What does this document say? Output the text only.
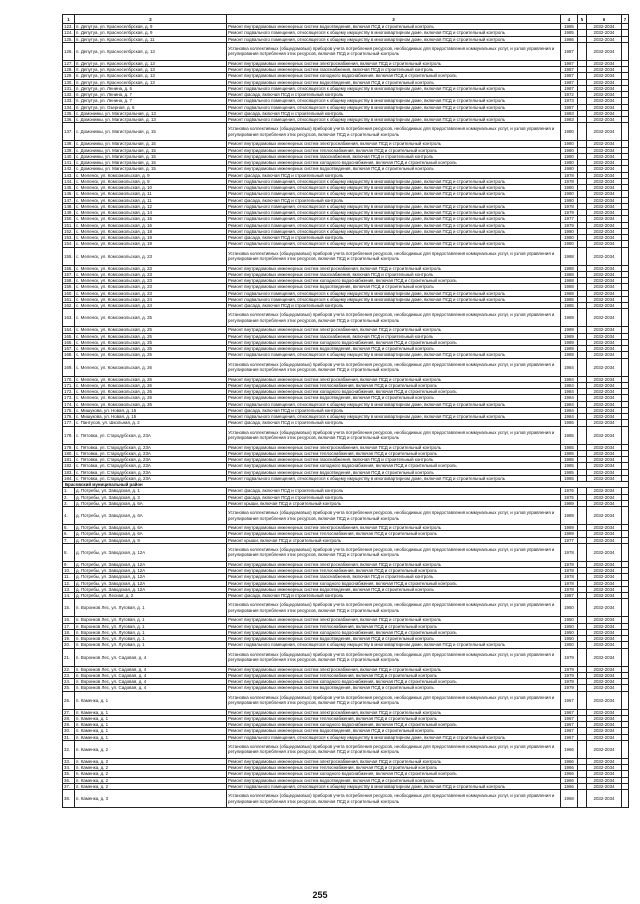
1	2	3	4	5	6	7
123.	п. Депутуа, ул. Красноселбрская, д. 9	Ремонт внутридомовых инженерных систем водоотведения, включая ПСД и строительный контроль	1985		2032-2034	
124.	п. Депутуа, ул. Красноселбрская, д. 9	Ремонт подвального помещения, относящегося к общему имуществу в многоквартирном доме, включая ПСД и строительный контроль	1985		2032-2034	
125.	п. Депутуа, ул. Красноселбрская, д. 11	Ремонт подвального помещения, относящегося к общему имуществу в многоквартирном доме, включая ПСД и строительный контроль	1986		2032-2034	
126.	п. Депутуа, ул. Красноселбрская, д. 13	Установка коллективных (общедомовых) приборов учета потребления ресурсов, необходимых для предоставления коммунальных услуг, и узлов управления и регулирования потребления этих ресурсов, включая ПСД и строительный контроль	1987		2032-2034	
127.	п. Депутуа, ул. Красноселбрская, д. 13	Ремонт внутридомовых инженерных систем электроснабжения, включая ПСД и строительный контроль	1987		2032-2034	
128.	п. Депутуа, ул. Красноселбрская, д. 13	Ремонт внутридомовых инженерных систем газоснабжения, включая ПСД и строительный контроль	1987		2032-2034	
129.	п. Депутуа, ул. Красноселбрская, д. 13	Ремонт внутридомовых инженерных систем холодного водоснабжения, включая ПСД и строительный контроль	1987		2032-2034	
130.	п. Депутуа, ул. Красноселбрская, д. 13	Ремонт внутридомовых инженерных систем водоотведения, включая ПСД и строительный контроль	1987		2032-2034	
131.	п. Депутуа, ул. Ленина, д. 6	Ремонт подвального помещения, относящегося к общему имуществу в многоквартирном доме, включая ПСД и строительный контроль	1987		2032-2034	
132.	п. Депутуа, ул. Ленина, д. 7	Ремонт фасада, включая ПСД и строительный контроль	1972		2032-2034	
133.	п. Депутуа, ул. Ленина, д. 7	Ремонт подвального помещения, относящегося к общему имуществу в многоквартирном доме, включая ПСД и строительный контроль	1973		2032-2034	
134.	п. Депутуа, ул. Озерная, д. 6	Ремонт подвального помещения, относящегося к общему имуществу в многоквартирном доме, включая ПСД и строительный контроль	1987		2032-2034	
135.	с. Домонимы, ул. Магистральная, д. 13	Ремонт фасада, включая ПСД и строительный контроль	1983		2032-2034	
136.	с. Домонимы, ул. Магистральная, д. 13	Ремонт подвального помещения, относящегося к общему имуществу в многоквартирном доме, включая ПСД и строительный контроль	1983		2032-2034	
137.	с. Домонимы, ул. Магистральная, д. 15	Установка коллективных (общедомовых) приборов учета потребления ресурсов, необходимых для предоставления коммунальных услуг, и узлов управления и регулирования потребления этих ресурсов, включая ПСД и строительный контроль	1980		2032-2034	
138.	с. Домонимы, ул. Магистральная, д. 15	Ремонт внутридомовых инженерных систем электроснабжения, включая ПСД и строительный контроль	1980		2032-2034	
139.	с. Домонимы, ул. Магистральная, д. 15	Ремонт внутридомовых инженерных систем теплоснабжения, включая ПСД и строительный контроль	1980		2032-2034	
140.	с. Домонимы, ул. Магистральная, д. 15	Ремонт внутридомовых инженерных систем газоснабжения, включая ПСД и строительный контроль	1980		2032-2034	
141.	с. Домонимы, ул. Магистральная, д. 15	Ремонт внутридомовых инженерных систем холодного водоснабжения, включая ПСД и строительный контроль	1980		2032-2034	
142.	с. Домонимы, ул. Магистральная, д. 15	Ремонт внутридомовых инженерных систем водоотведения, включая ПСД и строительный контроль	1980		2032-2034	
143.	с. Меленск, ул. Комсомольская, д. 9	Ремонт фасада, включая ПСД и строительный контроль	1978		2032-2034	
144.	с. Меленск, ул. Комсомольская, д. 9	Ремонт подвального помещения, относящегося к общему имуществу в многоквартирном доме, включая ПСД и строительный контроль	1978		2032-2034	
145.	с. Меленск, ул. Комсомольская, д. 10	Ремонт подвального помещения, относящегося к общему имуществу в многоквартирном доме, включая ПСД и строительный контроль	1980		2032-2034	
146.	с. Меленск, ул. Комсомольская, д. 11	Ремонт подвального помещения, относящегося к общему имуществу в многоквартирном доме, включая ПСД и строительный контроль	1980		2032-2034	
147.	с. Меленск, ул. Комсомольская, д. 11	Ремонт фасада, включая ПСД и строительный контроль	1980		2032-2034	
148.	с. Меленск, ул. Комсомольская, д. 12	Ремонт подвального помещения, относящегося к общему имуществу в многоквартирном доме, включая ПСД и строительный контроль	1978		2032-2034	
149.	с. Меленск, ул. Комсомольская, д. 14	Ремонт подвального помещения, относящегося к общему имуществу в многоквартирном доме, включая ПСД и строительный контроль	1979		2032-2034	
150.	с. Меленск, ул. Комсомольская, д. 15	Ремонт подвального помещения, относящегося к общему имуществу в многоквартирном доме, включая ПСД и строительный контроль	1977		2032-2034	
151.	с. Меленск, ул. Комсомольская, д. 16	Ремонт подвального помещения, относящегося к общему имуществу в многоквартирном доме, включая ПСД и строительный контроль	1979		2032-2034	
152.	с. Меленск, ул. Комсомольская, д. 18	Ремонт подвального помещения, относящегося к общему имуществу в многоквартирном доме, включая ПСД и строительный контроль	1980		2032-2034	
153.	с. Меленск, ул. Комсомольская, д. 19	Ремонт фасада, включая ПСД и строительный контроль	1980		2032-2034	
154.	с. Меленск, ул. Комсомольская, д. 19	Ремонт подвального помещения, относящегося к общему имуществу в многоквартирном доме, включая ПСД и строительный контроль	1980		2032-2034	
155.	с. Меленск, ул. Комсомольская, д. 23	Установка коллективных (общедомовых) приборов учета потребления ресурсов, необходимых для предоставления коммунальных услуг, и узлов управления и регулирования потребления этих ресурсов, включая ПСД и строительный контроль	1988		2032-2034	
156.	с. Меленск, ул. Комсомольская, д. 23	Ремонт внутридомовых инженерных систем электроснабжения, включая ПСД и строительный контроль	1988		2032-2034	
157.	с. Меленск, ул. Комсомольская, д. 23	Ремонт внутридомовых инженерных систем газоснабжения, включая ПСД и строительный контроль	1988		2032-2034	
158.	с. Меленск, ул. Комсомольская, д. 23	Ремонт внутридомовых инженерных систем холодного водоснабжения, включая ПСД и строительный контроль	1988		2032-2034	
159.	с. Меленск, ул. Комсомольская, д. 23	Ремонт внутридомовых инженерных систем водоотведения, включая ПСД и строительный контроль	1988		2032-2034	
160.	с. Меленск, ул. Комсомольская, д. 23	Ремонт подвального помещения, относящегося к общему имуществу в многоквартирном доме, включая ПСД и строительный контроль	1988		2032-2034	
161.	с. Меленск, ул. Комсомольская, д. 24	Ремонт подвального помещения, относящегося к общему имуществу в многоквартирном доме, включая ПСД и строительный контроль	1985		2032-2034	
162.	с. Меленск, ул. Комсомольская, д. 24	Ремонт фасада, включая ПСД и строительный контроль	1985		2032-2034	
163.	с. Меленск, ул. Комсомольская, д. 25	Установка коллективных (общедомовых) приборов учета потребления ресурсов, необходимых для предоставления коммунальных услуг, и узлов управления и регулирования потребления этих ресурсов, включая ПСД и строительный контроль	1989		2032-2034	
164.	с. Меленск, ул. Комсомольская, д. 25	Ремонт внутридомовых инженерных систем электроснабжения, включая ПСД и строительный контроль	1989		2032-2034	
165.	с. Меленск, ул. Комсомольская, д. 25	Ремонт внутридомовых инженерных систем газоснабжения, включая ПСД и строительный контроль	1989		2032-2034	
166.	с. Меленск, ул. Комсомольская, д. 25	Ремонт внутридомовых инженерных систем холодного водоснабжения, включая ПСД и строительный контроль	1989		2032-2034	
167.	с. Меленск, ул. Комсомольская, д. 25	Ремонт внутридомовых инженерных систем водоотведения, включая ПСД и строительный контроль	1989		2032-2034	
168.	с. Меленск, ул. Комсомольская, д. 25	Ремонт подвального помещения, относящегося к общему имуществу в многоквартирном доме, включая ПСД и строительный контроль	1989		2032-2034	
169.	с. Меленск, ул. Комсомольская, д. 26	Установка коллективных (общедомовых) приборов учета потребления ресурсов, необходимых для предоставления коммунальных услуг, и узлов управления и регулирования потребления этих ресурсов, включая ПСД и строительный контроль	1984		2032-2034	
170.	с. Меленск, ул. Комсомольская, д. 26	Ремонт внутридомовых инженерных систем электроснабжения, включая ПСД и строительный контроль	1984		2032-2034	
171.	с. Меленск, ул. Комсомольская, д. 26	Ремонт внутридомовых инженерных систем теплоснабжения, включая ПСД и строительный контроль	1984		2032-2034	
172.	с. Меленск, ул. Комсомольская, д. 26	Ремонт внутридомовых инженерных систем холодного водоснабжения, включая ПСД и строительный контроль	1984		2032-2034	
173.	с. Меленск, ул. Комсомольская, д. 26	Ремонт внутридомовых инженерных систем водоотведения, включая ПСД и строительный контроль	1984		2032-2034	
174.	с. Меленск, ул. Комсомольская, д. 26	Ремонт подвального помещения, относящегося к общему имуществу в многоквартирном доме, включая ПСД и строительный контроль	1984		2032-2034	
175.	с. Мишукова, ул. Новая, д. 15	Ремонт фасада, включая ПСД и строительный контроль	1984		2032-2034	
176.	с. Мишукова, ул. Новая, д. 15	Ремонт подвального помещения, относящегося к общему имуществу в многоквартирном доме, включая ПСД и строительный контроль	1984		2032-2034	
177.	с. Пантусов, ул. Школьная, д. 2	Ремонт фасада, включая ПСД и строительный контроль	1986		2032-2034	
178.	с. Пятовка, ул. Стародубская, д. 23А	Установка коллективных (общедомовых) приборов учета потребления ресурсов, необходимых для предоставления коммунальных услуг, и узлов управления и регулирования потребления этих ресурсов, включая ПСД и строительный контроль	1985		2032-2034	
179.	с. Пятовка, ул. Стародубская, д. 23А	Ремонт внутридомовых инженерных систем электроснабжения, включая ПСД и строительный контроль	1985		2032-2034	
180.	с. Пятовка, ул. Стародубская, д. 23А	Ремонт внутридомовых инженерных систем теплоснабжения, включая ПСД и строительный контроль	1985		2032-2034	
181.	с. Пятовка, ул. Стародубская, д. 23А	Ремонт внутридомовых инженерных систем газоснабжения, включая ПСД и строительный контроль	1985		2032-2034	
182.	с. Пятовка, ул. Стародубская, д. 23А	Ремонт внутридомовых инженерных систем холодного водоснабжения, включая ПСД и строительный контроль	1985		2032-2034	
183.	с. Пятовка, ул. Стародубская, д. 23А	Ремонт внутридомовых инженерных систем водоотведения, включая ПСД и строительный контроль	1985		2032-2034	
184.	с. Пятовка, ул. Стародубская, д. 23А	Ремонт подвального помещения, относящегося к общему имуществу в многоквартирном доме, включая ПСД и строительный контроль	1985		2032-2034	
Брасовский муниципальный район						
1.	д. Потребы, ул. Заводская, д. 1	Ремонт фасада, включая ПСД и строительный контроль	1976		2032-2034	
2.	д. Потребы, ул. Заводская, д. 3	Ремонт фасада, включая ПСД и строительный контроль	1975		2032-2034	
3.	д. Потребы, ул. Заводская, д. 6А	Ремонт крыши, включая ПСД и строительный контроль	1989		2032-2034	
4.	д. Потребы, ул. Заводская, д. 6А	Установка коллективных (общедомовых) приборов учета потребления ресурсов, необходимых для предоставления коммунальных услуг, и узлов управления и регулирования потребления этих ресурсов, включая ПСД и строительный контроль	1989		2032-2034	
5.	д. Потребы, ул. Заводская, д. 6А	Ремонт внутридомовых инженерных систем электроснабжения, включая ПСД и строительный контроль	1989		2032-2034	
6.	д. Потребы, ул. Заводская, д. 6А	Ремонт внутридомовых инженерных систем теплоснабжения, включая ПСД и строительный контроль	1989		2032-2034	
7.	д. Потребы, ул. Заводская, д. 9	Ремонт крыши, включая ПСД и строительный контроль	1977		2032-2034	
8.	д. Потребы, ул. Заводская, д. 12А	Установка коллективных (общедомовых) приборов учета потребления ресурсов, необходимых для предоставления коммунальных услуг, и узлов управления и регулирования потребления этих ресурсов, включая ПСД и строительный контроль	1978		2032-2034	
9.	д. Потребы, ул. Заводская, д. 12А	Ремонт внутридомовых инженерных систем электроснабжения, включая ПСД и строительный контроль	1978		2032-2034	
10.	д. Потребы, ул. Заводская, д. 12А	Ремонт внутридомовых инженерных систем теплоснабжения, включая ПСД и строительный контроль	1978		2032-2034	
11.	д. Потребы, ул. Заводская, д. 12А	Ремонт внутридомовых инженерных систем газоснабжения, включая ПСД и строительный контроль	1978		2032-2034	
12.	д. Потребы, ул. Заводская, д. 12А	Ремонт внутридомовых инженерных систем холодного водоснабжения, включая ПСД и строительный контроль	1978		2032-2034	
13.	д. Потребы, ул. Заводская, д. 12А	Ремонт внутридомовых инженерных систем водоотведения, включая ПСД и строительный контроль	1978		2032-2034	
14.	д. Потребы, ул. Лесная, д. 2	Ремонт фасада, включая ПСД и строительный контроль	1987		2032-2034	
15.	п. Воронков Лес, ул. Луговая, д. 1	Установка коллективных (общедомовых) приборов учета потребления ресурсов, необходимых для предоставления коммунальных услуг, и узлов управления и регулирования потребления этих ресурсов, включая ПСД и строительный контроль	1950		2032-2034	
16.	п. Воронков Лес, ул. Луговая, д. 1	Ремонт внутридомовых инженерных систем электроснабжения, включая ПСД и строительный контроль	1950		2032-2034	
17.	п. Воронков Лес, ул. Луговая, д. 1	Ремонт внутридомовых инженерных систем теплоснабжения, включая ПСД и строительный контроль	1950		2032-2034	
18.	п. Воронков Лес, ул. Луговая, д. 1	Ремонт внутридомовых инженерных систем холодного водоснабжения, включая ПСД и строительный контроль	1950		2032-2034	
19.	п. Воронков Лес, ул. Луговая, д. 1	Ремонт внутридомовых инженерных систем водоотведения, включая ПСД и строительный контроль	1950		2032-2034	
20.	п. Воронков Лес, ул. Луговая, д. 1	Ремонт подвального помещения, относящегося к общему имуществу в многоквартирном доме, включая ПСД и строительный контроль	1950		2032-2034	
21.	п. Воронков Лес, ул. Садовая, д. 4	Установка коллективных (общедомовых) приборов учета потребления ресурсов, необходимых для предоставления коммунальных услуг, и узлов управления и регулирования потребления этих ресурсов, включая ПСД и строительный контроль	1979		2032-2034	
22.	п. Воронков Лес, ул. Садовая, д. 4	Ремонт внутридомовых инженерных систем электроснабжения, включая ПСД и строительный контроль	1979		2032-2034	
23.	п. Воронков Лес, ул. Садовая, д. 4	Ремонт внутридомовых инженерных систем теплоснабжения, включая ПСД и строительный контроль	1979		2032-2034	
24.	п. Воронков Лес, ул. Садовая, д. 4	Ремонт внутридомовых инженерных систем холодного водоснабжения, включая ПСД и строительный контроль	1979		2032-2034	
25.	п. Воронков Лес, ул. Садовая, д. 4	Ремонт внутридомовых инженерных систем водоотведения, включая ПСД и строительный контроль	1979		2032-2034	
26.	п. Каменка, д. 1	Установка коллективных (общедомовых) приборов учета потребления ресурсов, необходимых для предоставления коммунальных услуг, и узлов управления и регулирования потребления этих ресурсов, включая ПСД и строительный контроль	1967		2032-2034	
27.	п. Каменка, д. 1	Ремонт внутридомовых инженерных систем электроснабжения, включая ПСД и строительный контроль	1967		2032-2034	
28.	п. Каменка, д. 1	Ремонт внутридомовых инженерных систем теплоснабжения, включая ПСД и строительный контроль	1967		2032-2034	
29.	п. Каменка, д. 1	Ремонт внутридомовых инженерных систем холодного водоснабжения, включая ПСД и строительный контроль	1967		2032-2034	
30.	п. Каменка, д. 1	Ремонт внутридомовых инженерных систем водоотведения, включая ПСД и строительный контроль	1967		2032-2034	
31.	п. Каменка, д. 1	Ремонт подвального помещения, относящегося к общему имуществу в многоквартирном доме, включая ПСД и строительный контроль	1967		2032-2034	
32.	п. Каменка, д. 2	Установка коллективных (общедомовых) приборов учета потребления ресурсов, необходимых для предоставления коммунальных услуг, и узлов управления и регулирования потребления этих ресурсов, включая ПСД и строительный контроль	1966		2032-2034	
33.	п. Каменка, д. 2	Ремонт внутридомовых инженерных систем электроснабжения, включая ПСД и строительный контроль	1966		2032-2034	
34.	п. Каменка, д. 2	Ремонт внутридомовых инженерных систем теплоснабжения, включая ПСД и строительный контроль	1966		2032-2034	
35.	п. Каменка, д. 2	Ремонт внутридомовых инженерных систем холодного водоснабжения, включая ПСД и строительный контроль	1966		2032-2034	
36.	п. Каменка, д. 2	Ремонт внутридомовых инженерных систем водоотведения, включая ПСД и строительный контроль	1966		2032-2034	
37.	п. Каменка, д. 2	Ремонт подвального помещения, относящегося к общему имуществу в многоквартирном доме, включая ПСД и строительный контроль	1966		2032-2034	
38.	п. Каменка, д. 3	Установка коллективных (общедомовых) приборов учета потребления ресурсов, необходимых для предоставления коммунальных услуг, и узлов управления и регулирования потребления этих ресурсов, включая ПСД и строительный контроль	1968		2032-2034	
255
